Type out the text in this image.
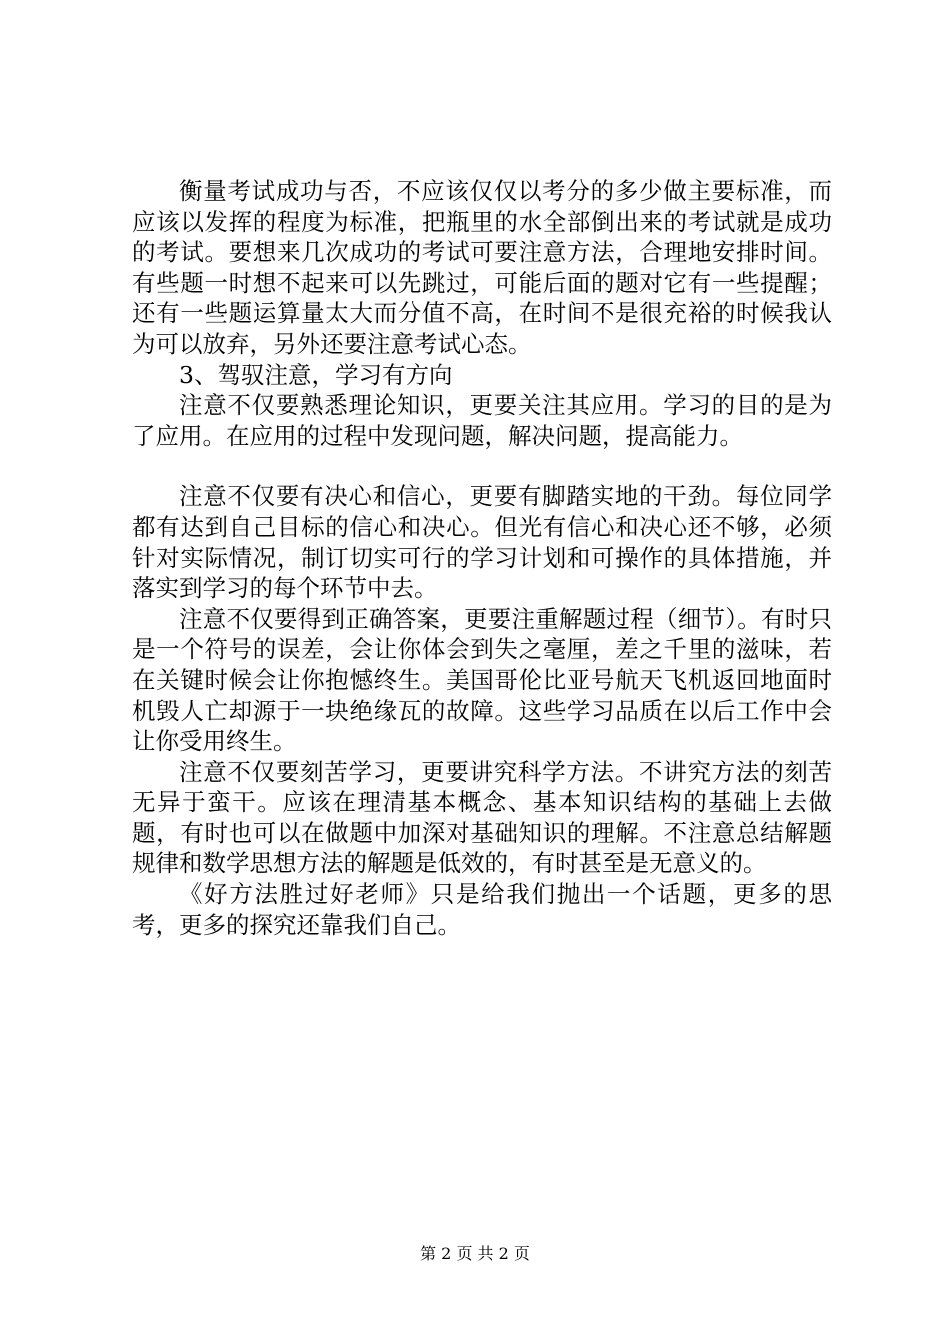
衡量考试成功与否，不应该仅仅以考分的多少做主要标准，而应该以发挥的程度为标准，把瓶里的水全部倒出来的考试就是成功的考试。要想来几次成功的考试可要注意方法，合理地安排时间。有些题一时想不起来可以先跳过，可能后面的题对它有一些提醒；还有一些题运算量太大而分值不高，在时间不是很充裕的时候我认为可以放弃，另外还要注意考试心态。

3、驾驭注意，学习有方向

注意不仅要熟悉理论知识，更要关注其应用。学习的目的是为了应用。在应用的过程中发现问题，解决问题，提高能力。

注意不仅要有决心和信心，更要有脚踏实地的干劲。每位同学都有达到自己目标的信心和决心。但光有信心和决心还不够，必须针对实际情况，制订切实可行的学习计划和可操作的具体措施，并落实到学习的每个环节中去。

注意不仅要得到正确答案，更要注重解题过程（细节）。有时只是一个符号的误差，会让你体会到失之毫厘，差之千里的滋味，若在关键时候会让你抱憾终生。美国哥伦比亚号航天飞机返回地面时机毁人亡却源于一块绝缘瓦的故障。这些学习品质在以后工作中会让你受用终生。

注意不仅要刻苦学习，更要讲究科学方法。不讲究方法的刻苦无异于蛮干。应该在理清基本概念、基本知识结构的基础上去做题，有时也可以在做题中加深对基础知识的理解。不注意总结解题规律和数学思想方法的解题是低效的，有时甚至是无意义的。

《好方法胜过好老师》只是给我们抛出一个话题，更多的思考，更多的探究还靠我们自己。

第 2 页 共 2 页
